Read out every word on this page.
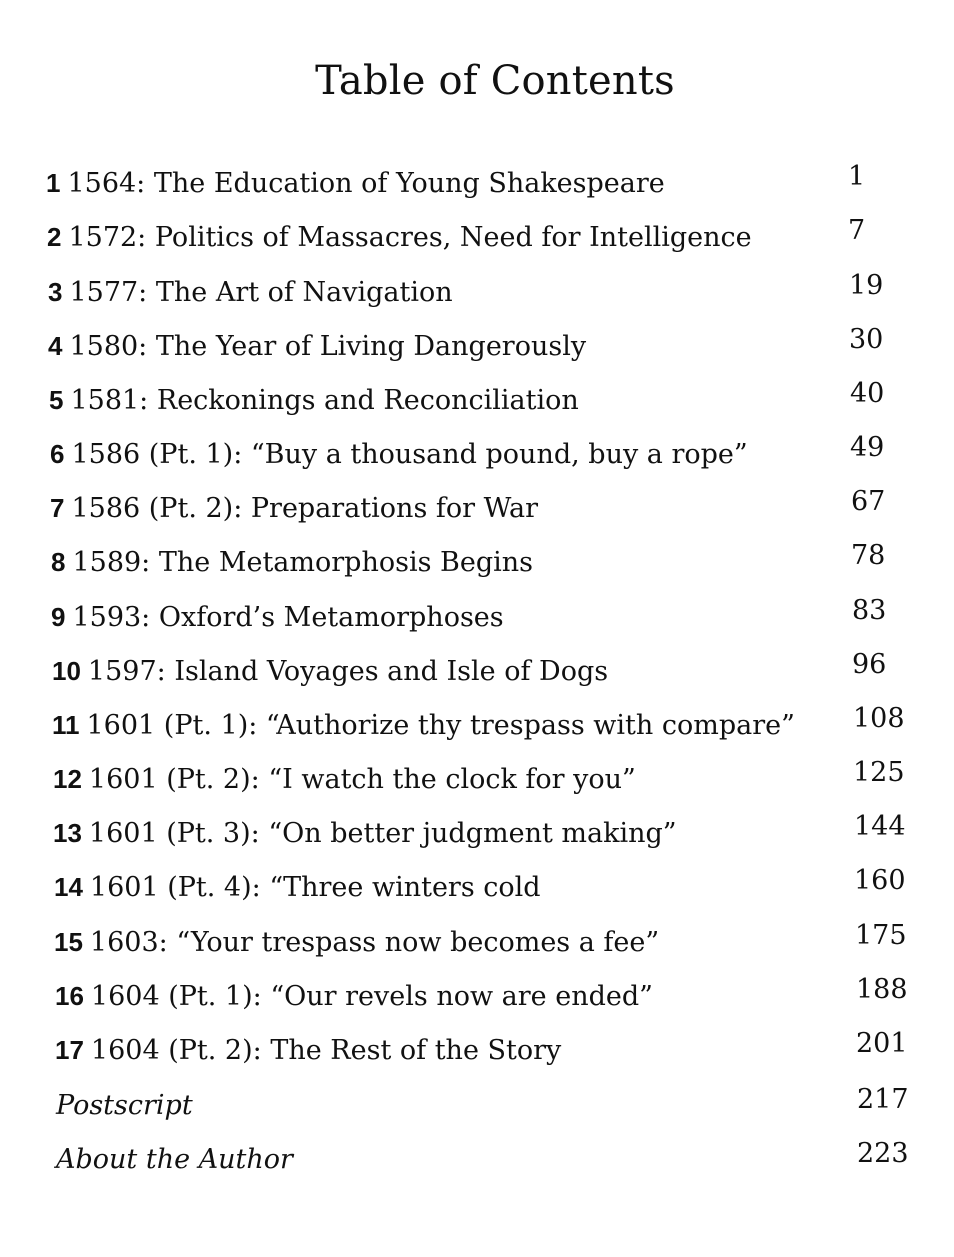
Table of Contents
1 1564: The Education of Young Shakespeare	1
2 1572: Politics of Massacres, Need for Intelligence	7
3 1577: The Art of Navigation	19
4 1580: The Year of Living Dangerously	30
5 1581: Reckonings and Reconciliation	40
6 1586 (Pt. 1): “Buy a thousand pound, buy a rope”	49
7 1586 (Pt. 2): Preparations for War	67
8 1589: The Metamorphosis Begins	78
9 1593: Oxford’s Metamorphoses	83
10 1597: Island Voyages and Isle of Dogs	96
11 1601 (Pt. 1): “Authorize thy trespass with compare” 108
12 1601 (Pt. 2): “I watch the clock for you”	125
13 1601 (Pt. 3): “On better judgment making”	144
14 1601 (Pt. 4): “Three winters cold	160
15 1603: “Your trespass now becomes a fee”	175
16 1604 (Pt. 1): “Our revels now are ended”	188
17 1604 (Pt. 2): The Rest of the Story	201
Postscript	217
About the Author	223
